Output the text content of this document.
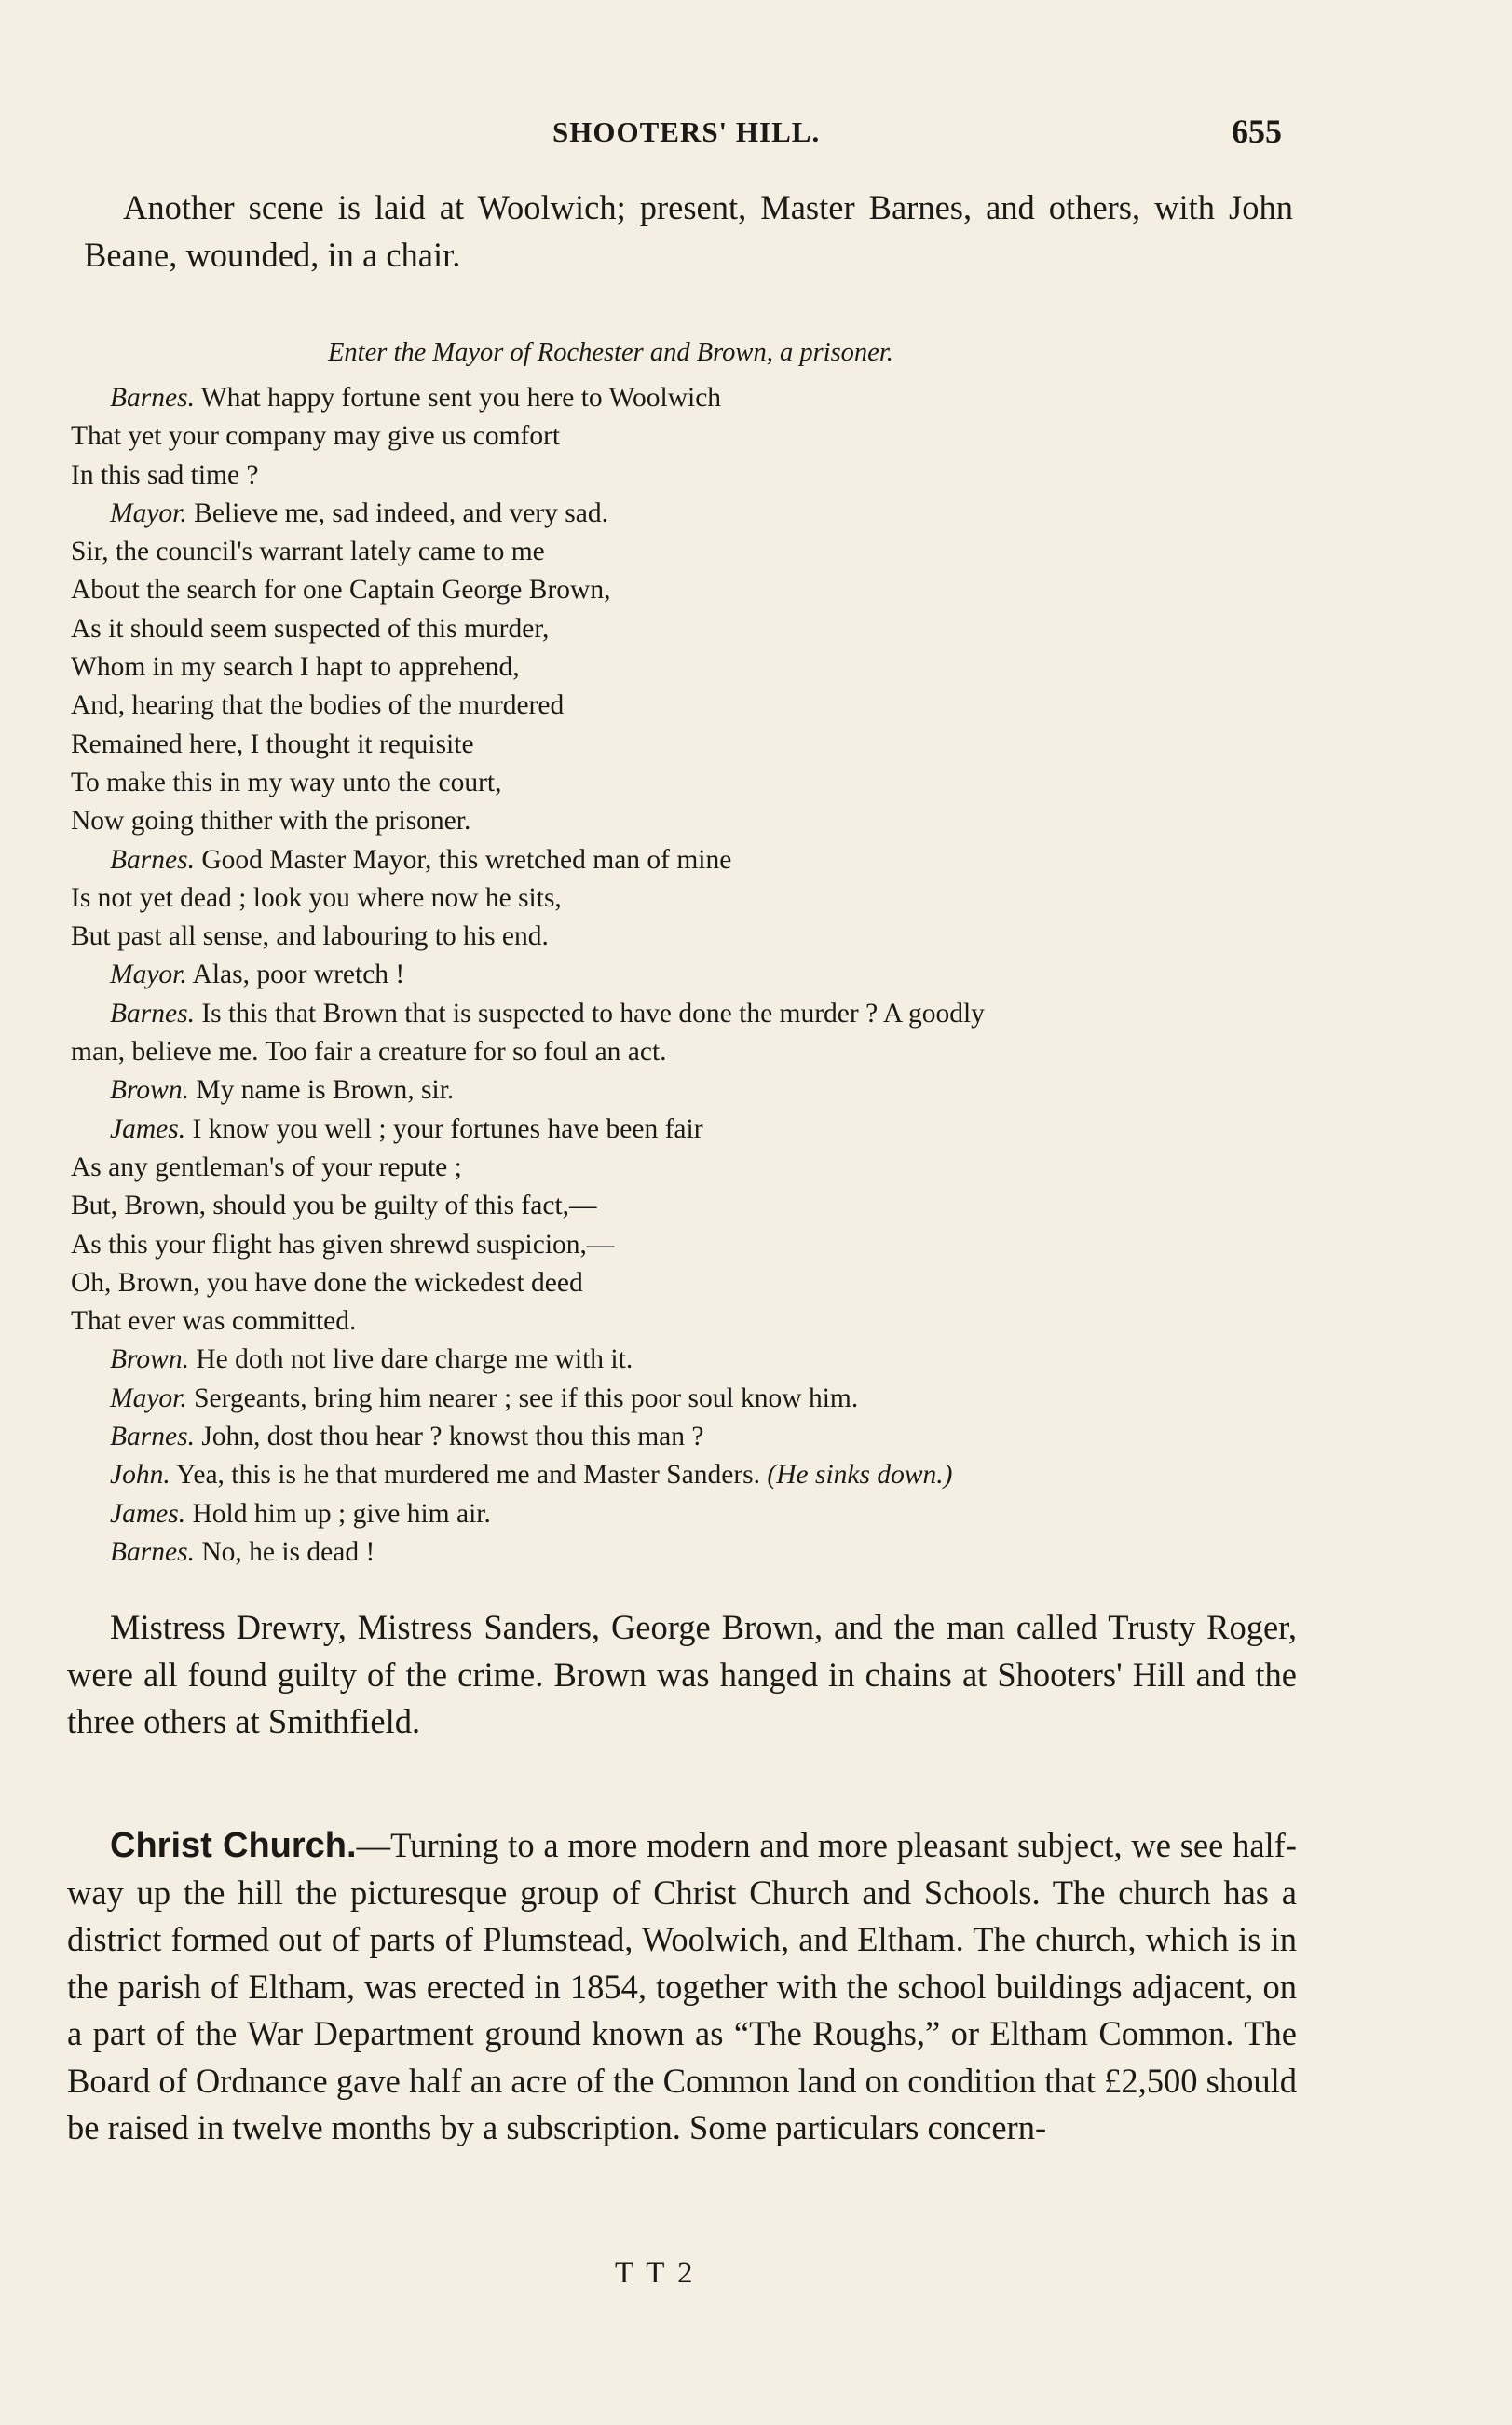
SHOOTERS' HILL.	655

Another scene is laid at Woolwich; present, Master Barnes, and others, with John Beane, wounded, in a chair.

Enter the Mayor of Rochester and Brown, a prisoner.
Barnes. What happy fortune sent you here to Woolwich
That yet your company may give us comfort
In this sad time ?
Mayor. Believe me, sad indeed, and very sad.
Sir, the council's warrant lately came to me
About the search for one Captain George Brown,
As it should seem suspected of this murder,
Whom in my search I hapt to apprehend,
And, hearing that the bodies of the murdered
Remained here, I thought it requisite
To make this in my way unto the court,
Now going thither with the prisoner.
Barnes. Good Master Mayor, this wretched man of mine
Is not yet dead ; look you where now he sits,
But past all sense, and labouring to his end.
Mayor. Alas, poor wretch !
Barnes. Is this that Brown that is suspected to have done the murder ? A goodly
man, believe me. Too fair a creature for so foul an act.
Brown. My name is Brown, sir.
James. I know you well ; your fortunes have been fair
As any gentleman's of your repute ;
But, Brown, should you be guilty of this fact,—
As this your flight has given shrewd suspicion,—
Oh, Brown, you have done the wickedest deed
That ever was committed.
Brown. He doth not live dare charge me with it.
Mayor. Sergeants, bring him nearer ; see if this poor soul know him.
Barnes. John, dost thou hear ? knowst thou this man ?
John. Yea, this is he that murdered me and Master Sanders. (He sinks down.)
James. Hold him up ; give him air.
Barnes. No, he is dead !

Mistress Drewry, Mistress Sanders, George Brown, and the man called Trusty Roger, were all found guilty of the crime. Brown was hanged in chains at Shooters' Hill and the three others at Smithfield.

Christ Church.—Turning to a more modern and more pleasant subject, we see half-way up the hill the picturesque group of Christ Church and Schools. The church has a district formed out of parts of Plumstead, Woolwich, and Eltham. The church, which is in the parish of Eltham, was erected in 1854, together with the school buildings adjacent, on a part of the War Department ground known as “The Roughs,” or Eltham Common. The Board of Ordnance gave half an acre of the Common land on condition that £2,500 should be raised in twelve months by a subscription. Some particulars concern-

T T 2
